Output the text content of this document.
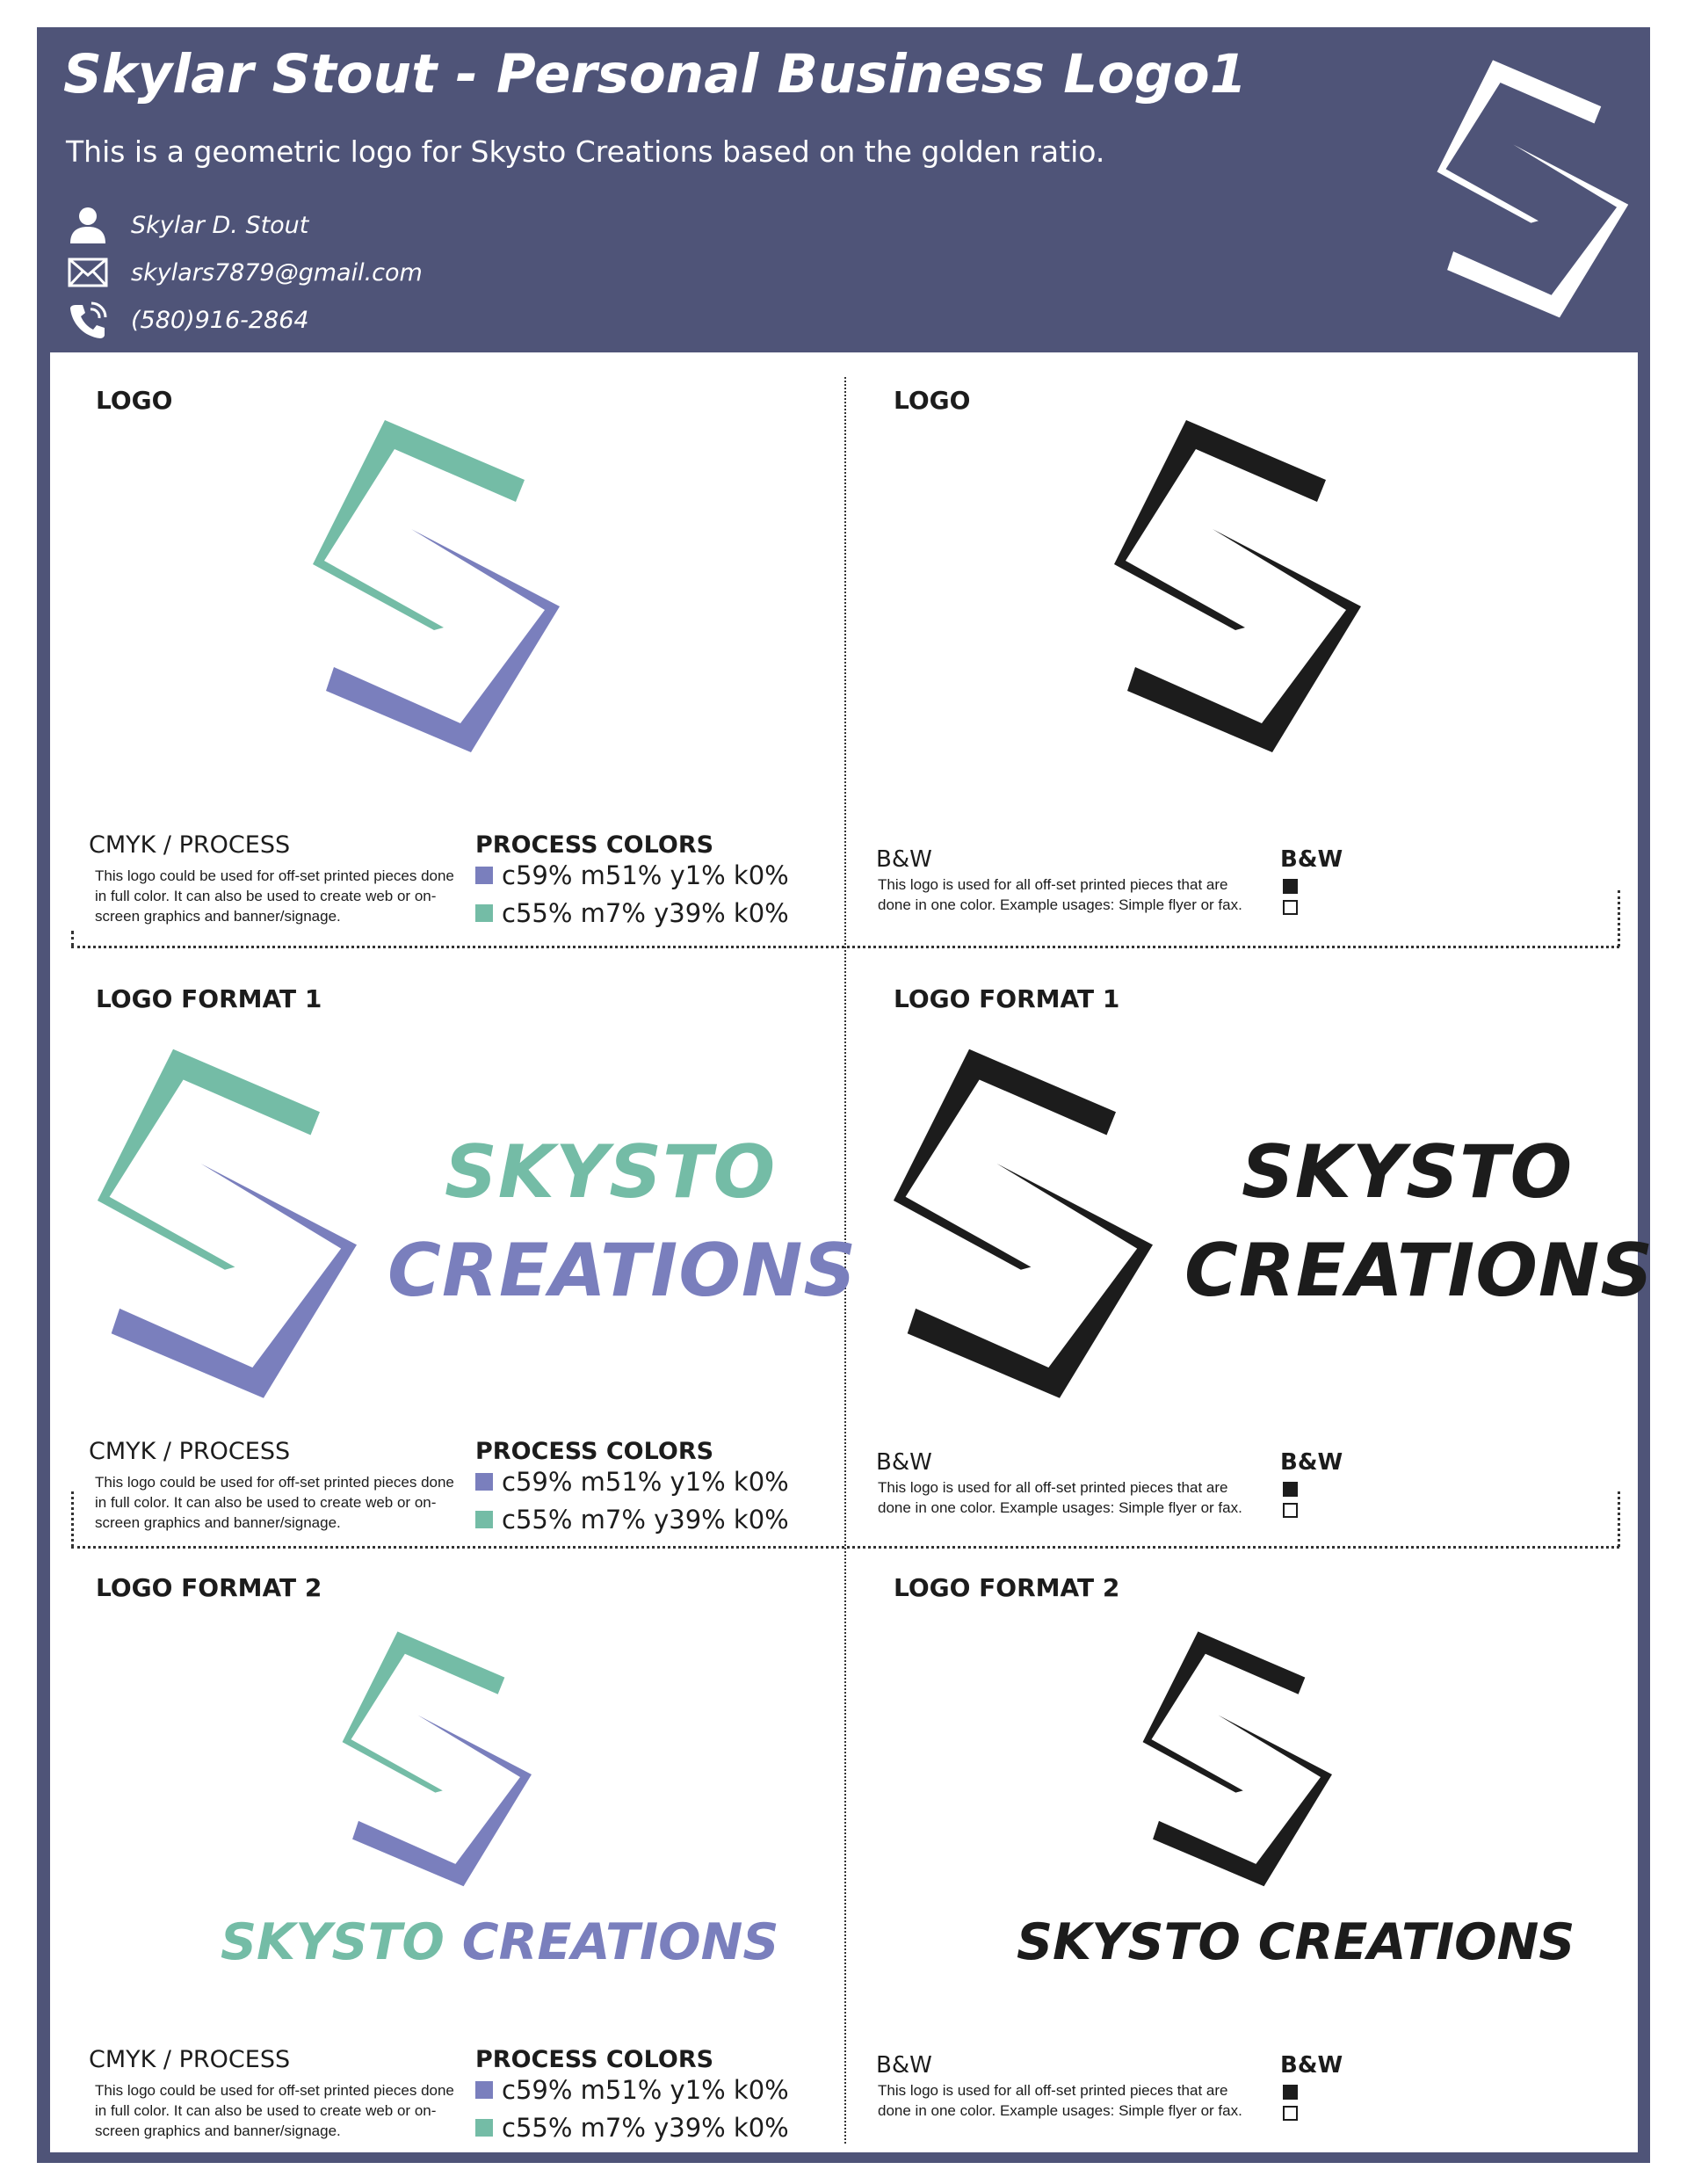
Skylar Stout - Personal Business Logo1
This is a geometric logo for Skysto Creations based on the golden ratio.
Skylar D. Stout
skylars7879@gmail.com
(580)916-2864
LOGO
CMYK / PROCESS
This logo could be used for off-set printed pieces done in full color. It can also be used to create web or on-screen graphics and banner/signage.
PROCESS COLORS
c59% m51% y1% k0%
c55% m7% y39% k0%
LOGO
B&W
This logo is used for all off-set printed pieces that are done in one color. Example usages: Simple flyer or fax.
B&W
LOGO FORMAT 1
SKYSTO
CREATIONS
CMYK / PROCESS
This logo could be used for off-set printed pieces done in full color. It can also be used to create web or on-screen graphics and banner/signage.
PROCESS COLORS
c59% m51% y1% k0%
c55% m7% y39% k0%
LOGO FORMAT 1
SKYSTO
CREATIONS
B&W
This logo is used for all off-set printed pieces that are done in one color. Example usages: Simple flyer or fax.
B&W
LOGO FORMAT 2
SKYSTO CREATIONS
CMYK / PROCESS
This logo could be used for off-set printed pieces done in full color. It can also be used to create web or on-screen graphics and banner/signage.
PROCESS COLORS
c59% m51% y1% k0%
c55% m7% y39% k0%
LOGO FORMAT 2
SKYSTO CREATIONS
B&W
This logo is used for all off-set printed pieces that are done in one color. Example usages: Simple flyer or fax.
B&W
